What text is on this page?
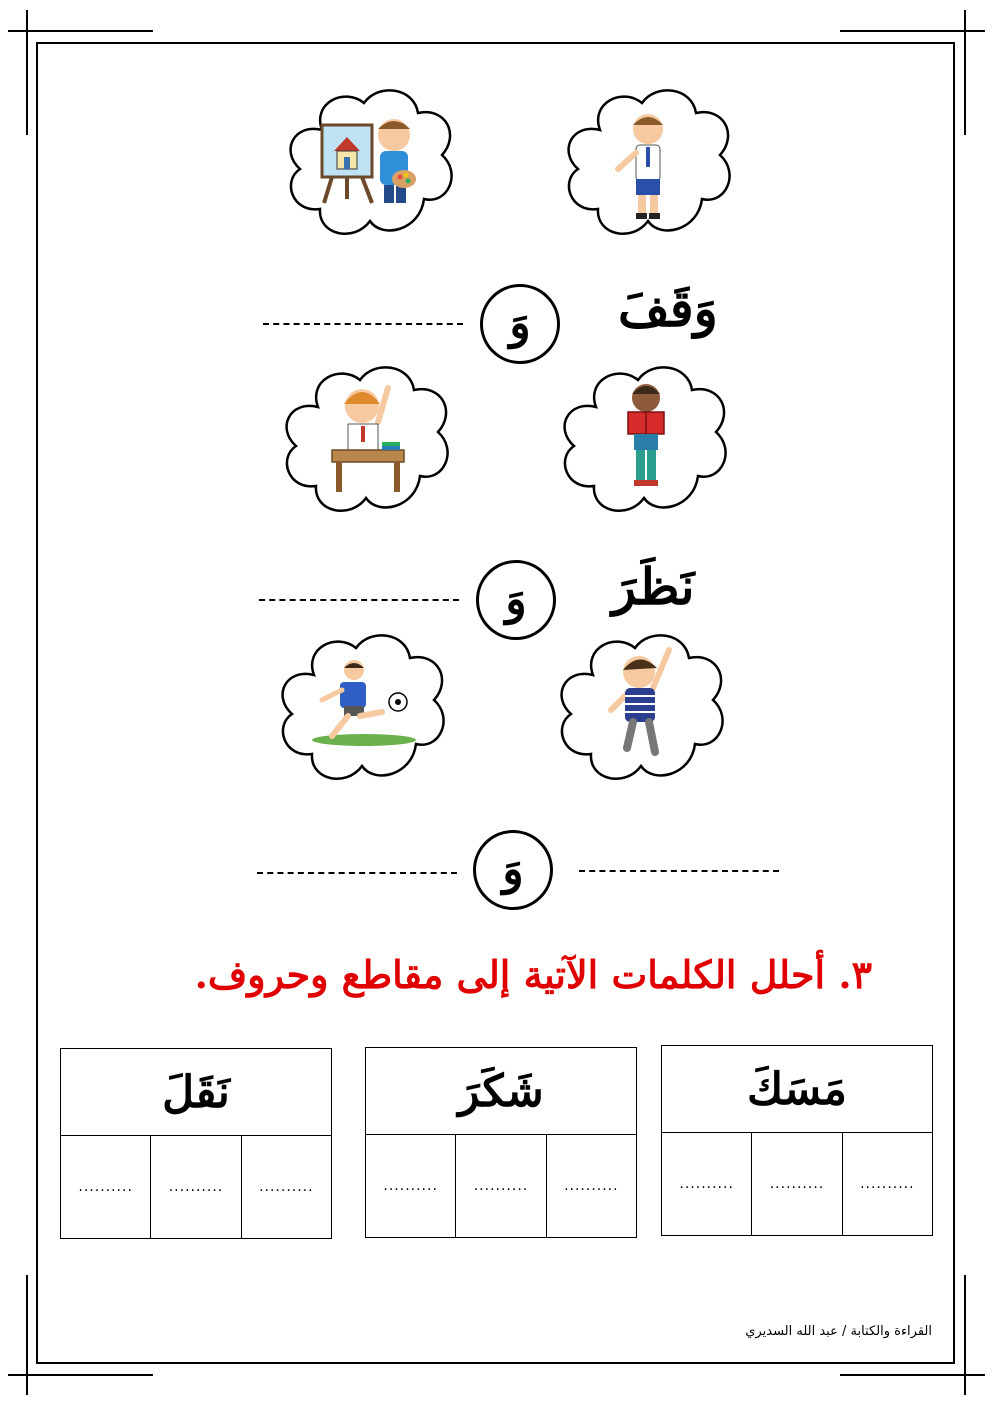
وَقَفَ
وَ
نَظَرَ
وَ
وَ
٣. أحلل الكلمات الآتية إلى مقاطع وحروف.
مَسَكَ
..........	..........	..........
شَكَرَ
..........	..........	..........
نَقَلَ
..........	..........	..........
القراءة والكتابة / عبد الله السديري
